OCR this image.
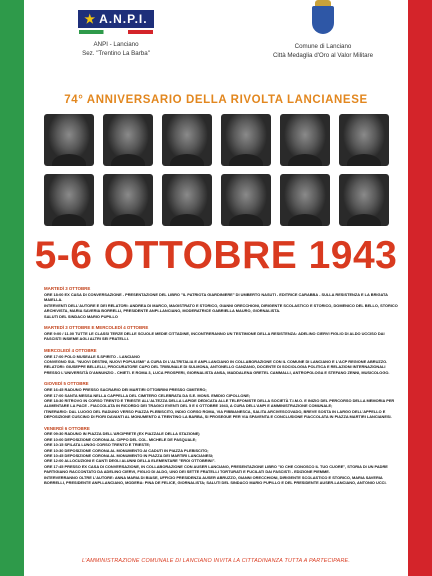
★ A.N.P.I.
ANPI - Lanciano
Sez. "Trentino La Barba"
Comune di Lanciano
Città Medaglia d'Oro al Valor Militare
74° ANNIVERSARIO DELLA RIVOLTA LANCIANESE
5-6 OTTOBRE 1943
MARTEDÌ 3 OTTOBRE
ORE 18:00 EX CASA DI CONVERSAZIONE - PRESENTAZIONE DEL LIBRO "IL PATRIOTA GIARDINIERE" DI UMBERTO NASUTI - EDITRICE CARABBA - SULLA RESISTENZA E LA BRIGATA MAIELLA.
INTERVENTI DELL'AUTORE E DEI RELATORI: ANDREA DI MARCO, MAGISTRATO E STORICO, GIANNI ORECCHIONI, DIRIGENTE SCOLASTICO E STORICO, DOMENICO DEL BELLO, STORICO ARCHIVISTA, MARIA SAVERIA BORRELLI, PRESIDENTE ANPI-LANCIANO, MODERATRICE GABRIELLA MAURO, GIORNALISTA.
SALUTI DEL SINDACO MARIO PUPILLO
MARTEDÌ 3 OTTOBRE E MERCOLEDÌ 4 OTTOBRE
ORE 9:00 / 11.00 TUTTE LE CLASSI TERZE DELLE SCUOLE MEDIE CITTADINE, INCONTRERANNO UN TESTIMONE DELLA RESISTENZA: ADELINO CIERVI FIGLIO DI ALDO UCCISO DAI FASCISTI INSIEME AGLI ALTRI SEI FRATELLI.
MERCOLEDÌ 4 OTTOBRE
ORE 17:00 POLO MUSEALE S.SPIRITO - LANCIANO
CONVEGNO SUL "NUOVI DESTINI, NUOVI POPULISMI" A CURA DI L'ALTRITALIA E ANPI-LANCIANO IN COLLABORAZIONE CON IL COMUNE DI LANCIANO E L'ACP REGIONE ABRUZZO.
RELATORI: GIUSEPPE BELLELLI, PROCURATORE CAPO DEL TRIBUNALE DI SULMONA, ANTONELLO CANZANO, DOCENTE DI SOCIOLOGIA POLITICA E RELAZIONI INTERNAZIONALI PRESSO L'UNIVERSITÀ D'ANNUNZIO - CHIETI. E ROMA 3, LUCA PROSPERI, GIORNALISTA ANSA, MADDALENA GRETEL CAMMALLI, ANTROPOLOGA E STEFANO ZENNI, MUSICOLOGO.
GIOVEDÌ 5 OTTOBRE
ORE 16:45 RADUNO PRESSO SACRARIO DEI MARTIRI OTTOBRINI PRESSO CIMITERO;
ORE 17:00 SANTA MESSA NELLA CAPPELLA DEL CIMITERO CELEBRATA DA S.E. MONS. EMIDIO CIPOLLONE;
ORE 18:30 RITROVO IN CORSO TRENTO E TRIESTE ALL'ALTEZZA DELLA LAPIDE DEDICATA ALLE TELEFONISTE DELLA SOCIETÀ T.I.M.O. E INIZIO DEL PERCORSO DELLA MEMORIA PER ALIMENTARE LA PACE - FIACCOLATA IN RICORDO DEI TRAGICI EVENTI DEL 5 E 6 OTTOBRE 1943, A CURA DELL'ANPI E AMMINISTRAZIONE COMUNALE;
ITINERARIO: DAL LUOGO DEL RADUNO VERSO PIAZZA PLEBISCITO, INDIO CORSO ROMA, VIA FIBBIANESCA, SALITA ARCIVESCOVADO, BREVE SOSTA IN LARGO DELL'APPELLO E DEPOSIZIONE CUSCINO DI FIORI DAVANTI AL MONUMENTO A TRENTINO LA BARBA, SI PROSEGUE PER VIA SPAVENTA E CONCLUSIONE FIACCOLATA IN PIAZZA MARTIRI LANCIANESI.
VENERDÌ 6 OTTOBRE
ORE 09:30 RADUNO IN PIAZZA DELL'ARCIPRETE (EX PIAZZALE DELLA STAZIONE)
ORE 10:00 DEPOSIZIONE CORONA AL CIPPO DEL COL. MICHELE DE PASQUALE;
ORE 10:15 SFILATA LUNGO CORSO TRENTO E TRIESTE;
ORE 10:30 DEPOSIZIONE CORONA AL MONUMENTO AI CADUTI IN PIAZZA PLEBISCITO;
ORE 10:45 DEPOSIZIONE CORONA AL MONUMENTO IN PIAZZA DEI MARTIRI LANCIANESI;
ORE 12:00 ALLOCUZIONI E CANTI DEGLI ALUNNI DELLA ELEMENTARE "EROI OTTOBRINI".
ORE 17:45 PRESSO EX CASA DI CONVERSAZIONE, IN COLLABORAZIONE CON AUSER LANCIANO, PRESENTAZIONE LIBRO "IO CHE CONOSCO IL TUO CUORE", STORIA DI UN PADRE PARTIGIANO RACCONTATO DA ADELINO CIERVI, FIGLIO DI ALDO, UNO DEI SETTE FRATELLI TORTURATI E FUCILATI DAI FASCISTI - EDIZIONE PIEMME.
INTERVERRANNO OLTRE L'AUTORE: ANNA MARIA DI BIASE, UFFICIO PRESIDENZA AUSER ABRUZZO, GIANNI ORECCHIONI, DIRIGENTE SCOLASTICO E STORICO, MARIA SAVERIA BORRELLI, PRESIDENTE ANPI-LANCIANO, MODERA: PINA DE FELICE, GIORNALISTA; SALUTI DEL SINDACO MARIO PUPILLO E DEL PRESIDENTE AUSER-LANCIANO, ANTONIO UCCI.
L'AMMINISTRAZIONE COMUNALE DI LANCIANO INVITA LA CITTADINANZA TUTTA A PARTECIPARE.
